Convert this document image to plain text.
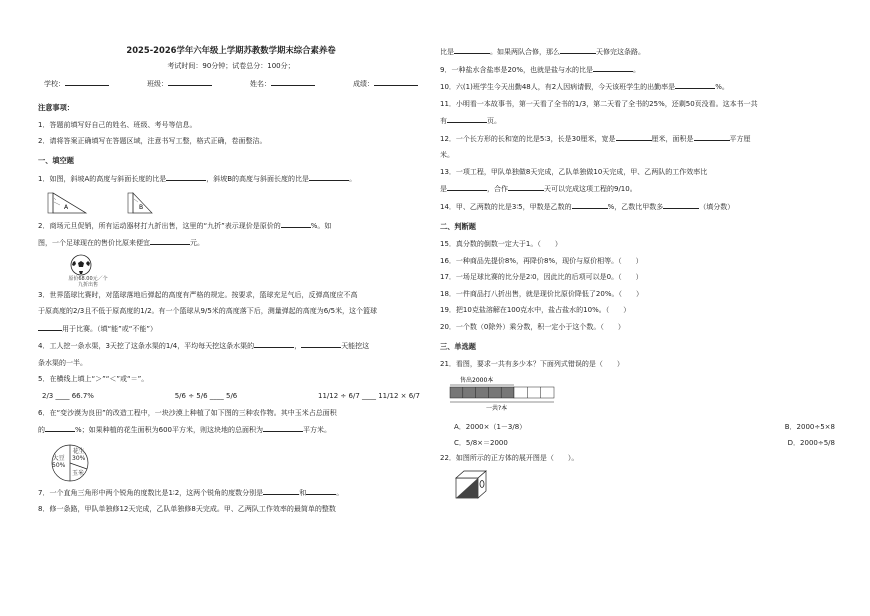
2025-2026学年六年级上学期苏教数学期末综合素养卷
考试时间：90分钟；试卷总分：100分；
学校：	班级：	姓名：	成绩：
注意事项：

1．答题前填写好自己的姓名、班级、考号等信息。

2．请将答案正确填写在答题区域，注意书写工整，格式正确，卷面整洁。

一、填空题

1．如图，斜坡A的高度与斜面长度的比是	，斜坡B的高度与斜面长度的比是	。

A	B

2．商场元旦促销，所有运动器材打九折出售，这里的“九折”表示现价是原价的	%。如

图，一个足球现在的售价比原来便宜	元。

原价68.00元／个
九折出售

3．世界篮球比赛时，对篮球落地后弹起的高度有严格的规定。按要求，篮球充足气后，反弹高度应不高

于原高度的2/3且不低于原高度的1/2。有一个篮球从9/5米的高度落下后，测量弹起的高度为6/5米，这个篮球

用于比赛。（填“能”或“不能”）

4．工人挖一条水渠，3天挖了这条水渠的1/4，平均每天挖这条水渠的	，	天能挖这

条水渠的一半。

5．在横线上填上“＞”“＜”或“＝”。

2/3 ____ 66.7%	5/6 ÷ 5/6 ____ 5/6	11/12 ÷ 6/7 ____ 11/12 × 6/7

6．在“变沙漠为良田”的改造工程中，一块沙漠上种植了如下图的三种农作物。其中玉米占总面积

的	%；如果种植的花生面积为600平方米，则这块地的总面积为	平方米。

大豆
50%
花生
30%
玉米

7．一个直角三角形中两个锐角的度数比是1∶2，这两个锐角的度数分别是	和	。

8．修一条路，甲队单独修12天完成，乙队单独修8天完成。甲、乙两队工作效率的最简单的整数

比是	。如果两队合修，那么	天修完这条路。

9．一种盐水含盐率是20%，也就是盐与水的比是	。

10．六(1)班学生今天出勤48人，有2人因病请假，今天该班学生的出勤率是	%。

11．小明看一本故事书，第一天看了全书的1/3，第二天看了全书的25%，还剩50页没看。这本书一共

有	页。

12．一个长方形的长和宽的比是5∶3，长是30厘米，宽是	厘米，面积是	平方厘

米。

13．一项工程，甲队单独做8天完成，乙队单独做10天完成，甲、乙两队的工作效率比

是	，合作	天可以完成这项工程的9/10。

14．甲、乙两数的比是3∶5，甲数是乙数的	%，乙数比甲数多	（填分数）

二、判断题

15．真分数的倒数一定大于1。（　　）

16．一种商品先提价8%，再降价8%，现价与原价相等。（　　）

17．一场足球比赛的比分是2∶0，因此比的后项可以是0。（　　）

18．一件商品打八折出售，就是现价比原价降低了20%。（　　）

19．把10克盐溶解在100克水中，盐占盐水的10%。（　　）

20．一个数（0除外）乘分数，积一定小于这个数。（　　）

三、单选题

21．看图，要求一共有多少本？下面列式错误的是（　　）

售出2000本
一共?本
A．2000×（1－3/8）	B．2000÷5×8
C．5/8×＝2000	D．2000÷5/8

22．如图所示的正方体的展开图是（　　）。
